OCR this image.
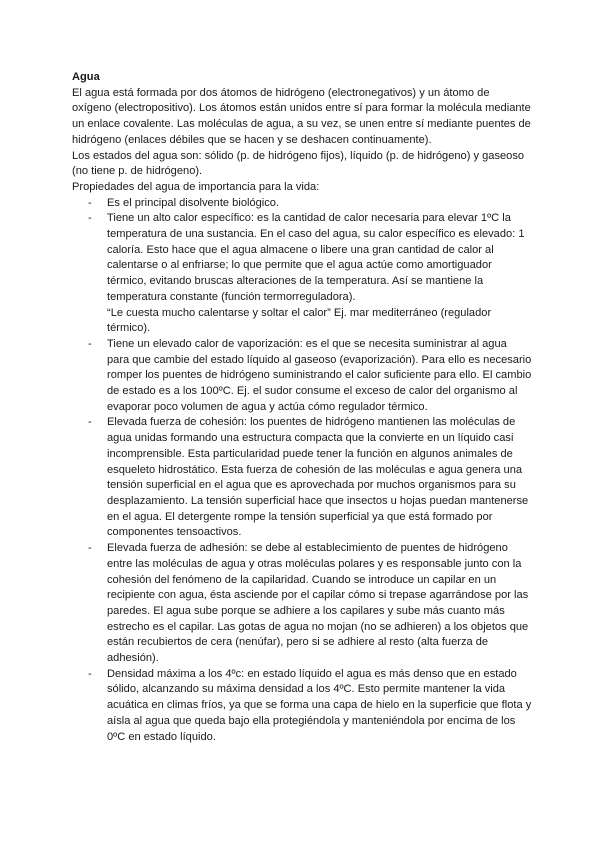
Agua

El agua está formada por dos átomos de hidrógeno (electronegativos) y un átomo de oxígeno (electropositivo). Los átomos están unidos entre sí para formar la molécula mediante un enlace covalente. Las moléculas de agua, a su vez, se unen entre sí mediante puentes de hidrógeno (enlaces débiles que se hacen y se deshacen continuamente).

Los estados del agua son: sólido (p. de hidrógeno fijos), líquido (p. de hidrógeno) y gaseoso (no tiene p. de hidrógeno).

Propiedades del agua de importancia para la vida:

- Es el principal disolvente biológico.
- Tiene un alto calor específico: es la cantidad de calor necesaria para elevar 1ºC la temperatura de una sustancia. En el caso del agua, su calor específico es elevado: 1 caloría. Esto hace que el agua almacene o libere una gran cantidad de calor al calentarse o al enfriarse; lo que permite que el agua actúe como amortiguador térmico, evitando bruscas alteraciones de la temperatura. Así se mantiene la temperatura constante (función termorreguladora).
“Le cuesta mucho calentarse y soltar el calor” Ej. mar mediterráneo (regulador térmico).
- Tiene un elevado calor de vaporización: es el que se necesita suministrar al agua para que cambie del estado líquido al gaseoso (evaporización). Para ello es necesario romper los puentes de hidrógeno suministrando el calor suficiente para ello. El cambio de estado es a los 100ºC. Ej. el sudor consume el exceso de calor del organismo al evaporar poco volumen de agua y actúa cómo regulador térmico.
- Elevada fuerza de cohesión: los puentes de hidrógeno mantienen las moléculas de agua unidas formando una estructura compacta que la convierte en un líquido casi incomprensible. Esta particularidad puede tener la función en algunos animales de esqueleto hidrostático. Esta fuerza de cohesión de las moléculas e agua genera una tensión superficial en el agua que es aprovechada por muchos organismos para su desplazamiento. La tensión superficial hace que insectos u hojas puedan mantenerse en el agua. El detergente rompe la tensión superficial ya que está formado por componentes tensoactivos.
- Elevada fuerza de adhesión: se debe al establecimiento de puentes de hidrógeno entre las moléculas de agua y otras moléculas polares y es responsable junto con la cohesión del fenómeno de la capilaridad. Cuando se introduce un capilar en un recipiente con agua, ésta asciende por el capilar cómo si trepase agarrándose por las paredes. El agua sube porque se adhiere a los capilares y sube más cuanto más estrecho es el capilar. Las gotas de agua no mojan (no se adhieren) a los objetos que están recubiertos de cera (nenúfar), pero si se adhiere al resto (alta fuerza de adhesión).
- Densidad máxima a los 4ºc: en estado líquido el agua es más denso que en estado sólido, alcanzando su máxima densidad a los 4ºC. Esto permite mantener la vida acuática en climas fríos, ya que se forma una capa de hielo en la superficie que flota y aísla al agua que queda bajo ella protegiéndola y manteniéndola por encima de los 0ºC en estado líquido.
